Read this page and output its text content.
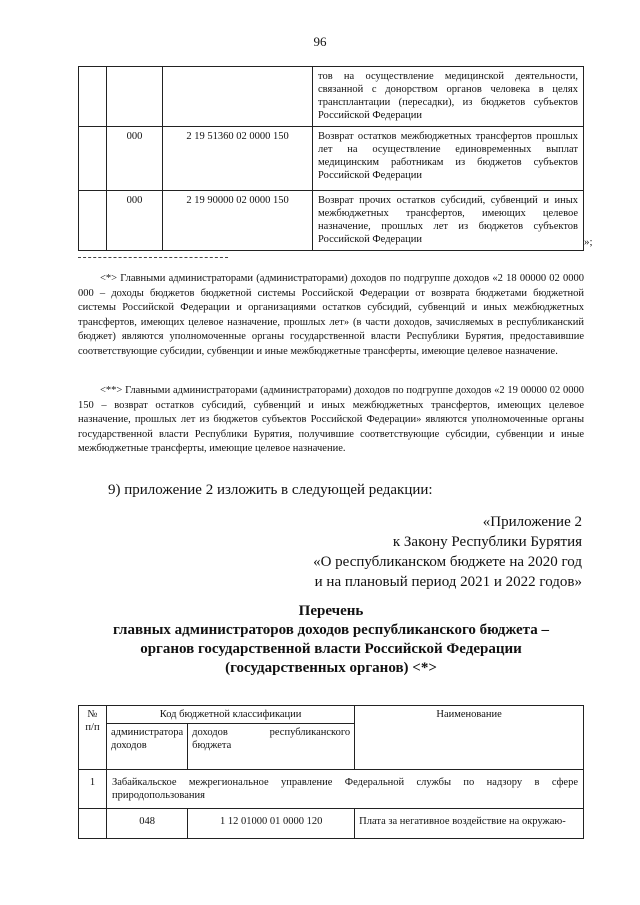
96
			тов на осуществление медицинской деятельности, связанной с донорством органов человека в целях трансплантации (пересадки), из бюджетов субъектов Российской Федерации
	000	2 19 51360 02 0000 150	Возврат остатков межбюджетных трансфертов прошлых лет на осуществление единовременных выплат медицинским работникам из бюджетов субъектов Российской Федерации
	000	2 19 90000 02 0000 150	Возврат прочих остатков субсидий, субвенций и иных межбюджетных трансфертов, имеющих целевое назначение, прошлых лет из бюджетов субъектов Российской Федерации	»;
<*> Главными администраторами (администраторами) доходов по подгруппе доходов «2 18 00000 02 0000 000 – доходы бюджетов бюджетной системы Российской Федерации от возврата бюджетами бюджетной системы Российской Федерации и организациями остатков субсидий, субвенций и иных межбюджетных трансфертов, имеющих целевое назначение, прошлых лет» (в части доходов, зачисляемых в республиканский бюджет) являются уполномоченные органы государственной власти Республики Бурятия, предоставившие соответствующие субсидии, субвенции и иные межбюджетные трансферты, имеющие целевое назначение.
<**> Главными администраторами (администраторами) доходов по подгруппе доходов «2 19 00000 02 0000 150 – возврат остатков субсидий, субвенций и иных межбюджетных трансфертов, имеющих целевое назначение, прошлых лет из бюджетов субъектов Российской Федерации» являются уполномоченные органы государственной власти Республики Бурятия, получившие соответствующие субсидии, субвенции и иные межбюджетные трансферты, имеющие целевое назначение.
9) приложение 2 изложить в следующей редакции:
«Приложение 2
к Закону Республики Бурятия
«О республиканском бюджете на 2020 год
и на плановый период 2021 и 2022 годов»
Перечень
главных администраторов доходов республиканского бюджета –
органов государственной власти Российской Федерации
(государственных органов) <*>
№ п/п	Код бюджетной классификации		Наименование
	администратора доходов	доходов республиканского бюджета	
1	Забайкальское межрегиональное управление Федеральной службы по надзору в сфере природопользования		
	048	1 12 01000 01 0000 120	Плата за негативное воздействие на окружаю-
